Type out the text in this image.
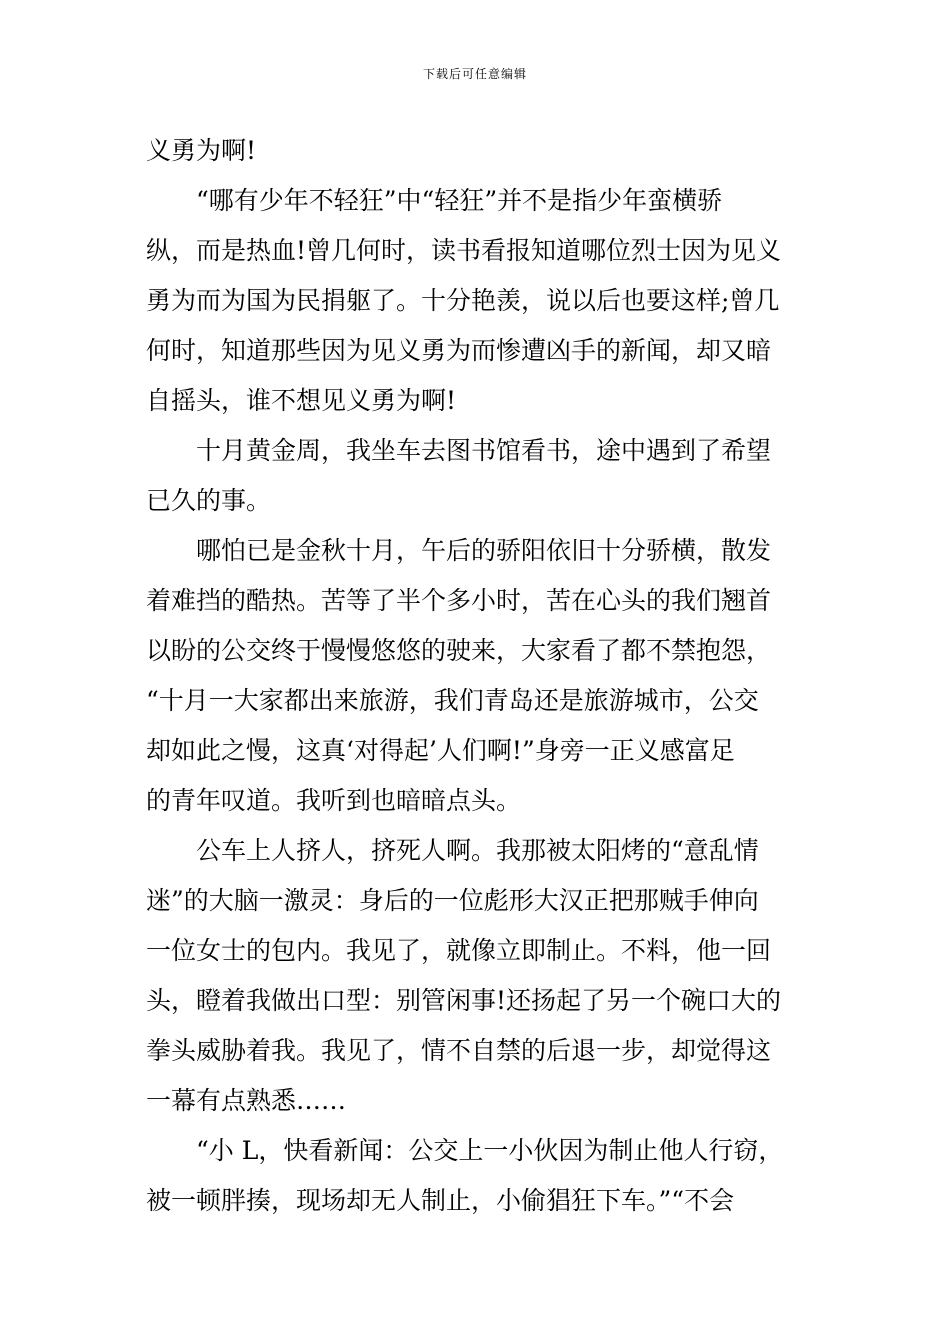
下载后可任意编辑
义勇为啊!
“哪有少年不轻狂”中“轻狂”并不是指少年蛮横骄
纵，而是热血!曾几何时，读书看报知道哪位烈士因为见义
勇为而为国为民捐躯了。十分艳羡，说以后也要这样;曾几
何时，知道那些因为见义勇为而惨遭凶手的新闻，却又暗
自摇头，谁不想见义勇为啊!
十月黄金周，我坐车去图书馆看书，途中遇到了希望
已久的事。
哪怕已是金秋十月，午后的骄阳依旧十分骄横，散发
着难挡的酷热。苦等了半个多小时，苦在心头的我们翘首
以盼的公交终于慢慢悠悠的驶来，大家看了都不禁抱怨，
“十月一大家都出来旅游，我们青岛还是旅游城市，公交
却如此之慢，这真‘对得起’人们啊!”身旁一正义感富足
的青年叹道。我听到也暗暗点头。
公车上人挤人，挤死人啊。我那被太阳烤的“意乱情
迷”的大脑一激灵：身后的一位彪形大汉正把那贼手伸向
一位女士的包内。我见了，就像立即制止。不料，他一回
头，瞪着我做出口型：别管闲事!还扬起了另一个碗口大的
拳头威胁着我。我见了，情不自禁的后退一步，却觉得这
一幕有点熟悉……
“小 L，快看新闻：公交上一小伙因为制止他人行窃，
被一顿胖揍，现场却无人制止，小偷猖狂下车。”“不会
